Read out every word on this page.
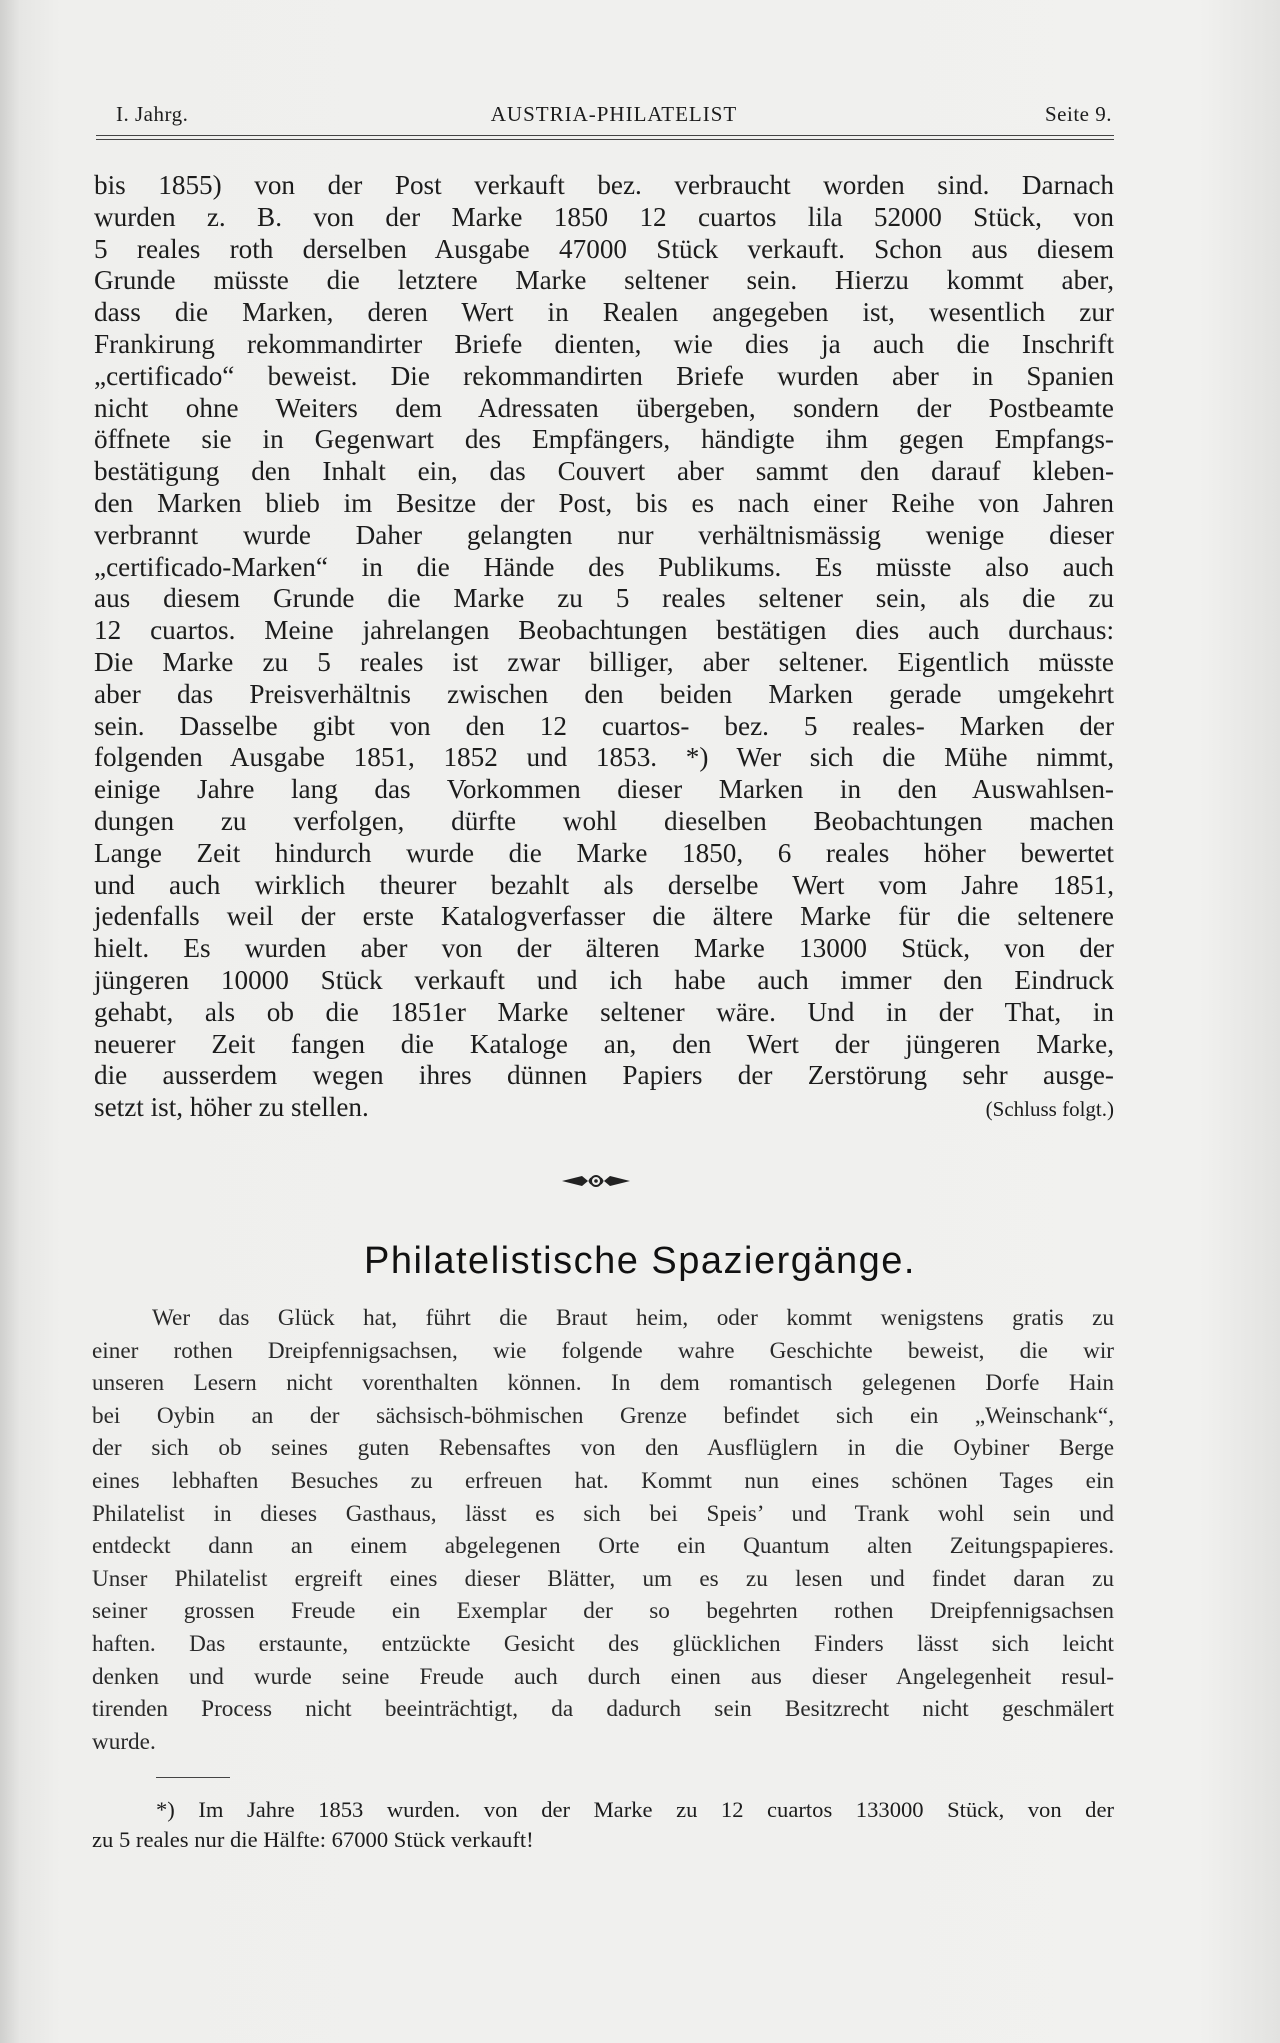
I. Jahrg.	AUSTRIA-PHILATELIST	Seite 9.
bis 1855) von der Post verkauft bez. verbraucht worden sind. Darnach
wurden z. B. von der Marke 1850 12 cuartos lila 52000 Stück, von
5 reales roth derselben Ausgabe 47000 Stück verkauft. Schon aus diesem
Grunde müsste die letztere Marke seltener sein. Hierzu kommt aber,
dass die Marken, deren Wert in Realen angegeben ist, wesentlich zur
Frankirung rekommandirter Briefe dienten, wie dies ja auch die Inschrift
„certificado“ beweist. Die rekommandirten Briefe wurden aber in Spanien
nicht ohne Weiters dem Adressaten übergeben, sondern der Postbeamte
öffnete sie in Gegenwart des Empfängers, händigte ihm gegen Empfangs-
bestätigung den Inhalt ein, das Couvert aber sammt den darauf kleben-
den Marken blieb im Besitze der Post, bis es nach einer Reihe von Jahren
verbrannt wurde Daher gelangten nur verhältnismässig wenige dieser
„certificado-Marken“ in die Hände des Publikums. Es müsste also auch
aus diesem Grunde die Marke zu 5 reales seltener sein, als die zu
12 cuartos. Meine jahrelangen Beobachtungen bestätigen dies auch durchaus:
Die Marke zu 5 reales ist zwar billiger, aber seltener. Eigentlich müsste
aber das Preisverhältnis zwischen den beiden Marken gerade umgekehrt
sein. Dasselbe gibt von den 12 cuartos- bez. 5 reales- Marken der
folgenden Ausgabe 1851, 1852 und 1853. *) Wer sich die Mühe nimmt,
einige Jahre lang das Vorkommen dieser Marken in den Auswahlsen-
dungen zu verfolgen, dürfte wohl dieselben Beobachtungen machen
Lange Zeit hindurch wurde die Marke 1850, 6 reales höher bewertet
und auch wirklich theurer bezahlt als derselbe Wert vom Jahre 1851,
jedenfalls weil der erste Katalogverfasser die ältere Marke für die seltenere
hielt. Es wurden aber von der älteren Marke 13000 Stück, von der
jüngeren 10000 Stück verkauft und ich habe auch immer den Eindruck
gehabt, als ob die 1851er Marke seltener wäre. Und in der That, in
neuerer Zeit fangen die Kataloge an, den Wert der jüngeren Marke,
die ausserdem wegen ihres dünnen Papiers der Zerstörung sehr ausge-
setzt ist, höher zu stellen.	(Schluss folgt.)
Philatelistische Spaziergänge.
Wer das Glück hat, führt die Braut heim, oder kommt wenigstens gratis zu
einer rothen Dreipfennigsachsen, wie folgende wahre Geschichte beweist, die wir
unseren Lesern nicht vorenthalten können. In dem romantisch gelegenen Dorfe Hain
bei Oybin an der sächsisch-böhmischen Grenze befindet sich ein „Weinschank“,
der sich ob seines guten Rebensaftes von den Ausflüglern in die Oybiner Berge
eines lebhaften Besuches zu erfreuen hat. Kommt nun eines schönen Tages ein
Philatelist in dieses Gasthaus, lässt es sich bei Speis’ und Trank wohl sein und
entdeckt dann an einem abgelegenen Orte ein Quantum alten Zeitungspapieres.
Unser Philatelist ergreift eines dieser Blätter, um es zu lesen und findet daran zu
seiner grossen Freude ein Exemplar der so begehrten rothen Dreipfennigsachsen
haften. Das erstaunte, entzückte Gesicht des glücklichen Finders lässt sich leicht
denken und wurde seine Freude auch durch einen aus dieser Angelegenheit resul-
tirenden Process nicht beeinträchtigt, da dadurch sein Besitzrecht nicht geschmälert
wurde.
*) Im Jahre 1853 wurden. von der Marke zu 12 cuartos 133000 Stück, von der
zu 5 reales nur die Hälfte: 67000 Stück verkauft!
